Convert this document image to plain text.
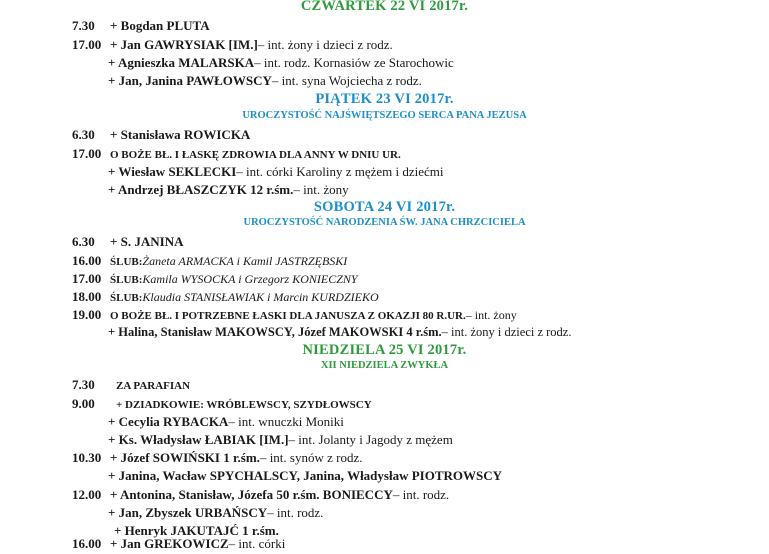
CZWARTEK 22 VI 2017r.
7.30	+ Bogdan PLUTA
17.00 + Jan GAWRYSIAK [IM.] – int. żony i dzieci z rodz.
+ Agnieszka MALARSKA – int. rodz. Kornasiów ze Starochowic
+ Jan, Janina PAWŁOWSCY – int. syna Wojciecha z rodz.
PIĄTEK 23 VI 2017r.
UROCZYSTOŚĆ NAJŚWIĘTSZEGO SERCA PANA JEZUSA
6.30	+ Stanisława ROWICKA
17.00 O BOŻE BŁ. I ŁASKĘ ZDROWIA DLA ANNY W DNIU UR.
+ Wiesław SEKLECKI – int. córki Karoliny z mężem i dziećmi
+ Andrzej BŁASZCZYK 12 r.śm. – int. żony
SOBOTA 24 VI 2017r.
UROCZYSTOŚĆ NARODZENIA ŚW. JANA CHRZCICIELA
6.30	+ S. JANINA
16.00 ŚLUB: Żaneta ARMACKA i Kamil JASTRZĘBSKI
17.00 ŚLUB: Kamila WYSOCKA i Grzegorz KONIECZNY
18.00 ŚLUB: Klaudia STANISŁAWIAK i Marcin KURDZIEKO
19.00 O BOŻE BŁ. I POTRZEBNE ŁASKI DLA JANUSZA Z OKAZJI 80 R.UR. – int. żony
+ Halina, Stanisław MAKOWSCY, Józef MAKOWSKI 4 r.śm. – int. żony i dzieci z rodz.
NIEDZIELA 25 VI 2017r.
XII NIEDZIELA ZWYKŁA
7.30	ZA PARAFIAN
9.00	+ DZIADKOWIE: WRÓBLEWSCY, SZYDŁOWSCY
+ Cecylia RYBACKA – int. wnuczki Moniki
+ Ks. Władysław ŁABIAK [IM.] – int. Jolanty i Jagody z mężem
10.30 + Józef SOWIŃSKI 1 r.śm. – int. synów z rodz.
+ Janina, Wacław SPYCHALSCY, Janina, Władysław PIOTROWSCY
12.00 + Antonina, Stanisław, Józefa 50 r.śm. BONIECCY – int. rodz.
+ Jan, Zbyszek URBAŃSCY – int. rodz.
+ Henryk JAKUTAJĆ 1 r.śm.
16.00 + Jan GREKOWICZ – int. córki
